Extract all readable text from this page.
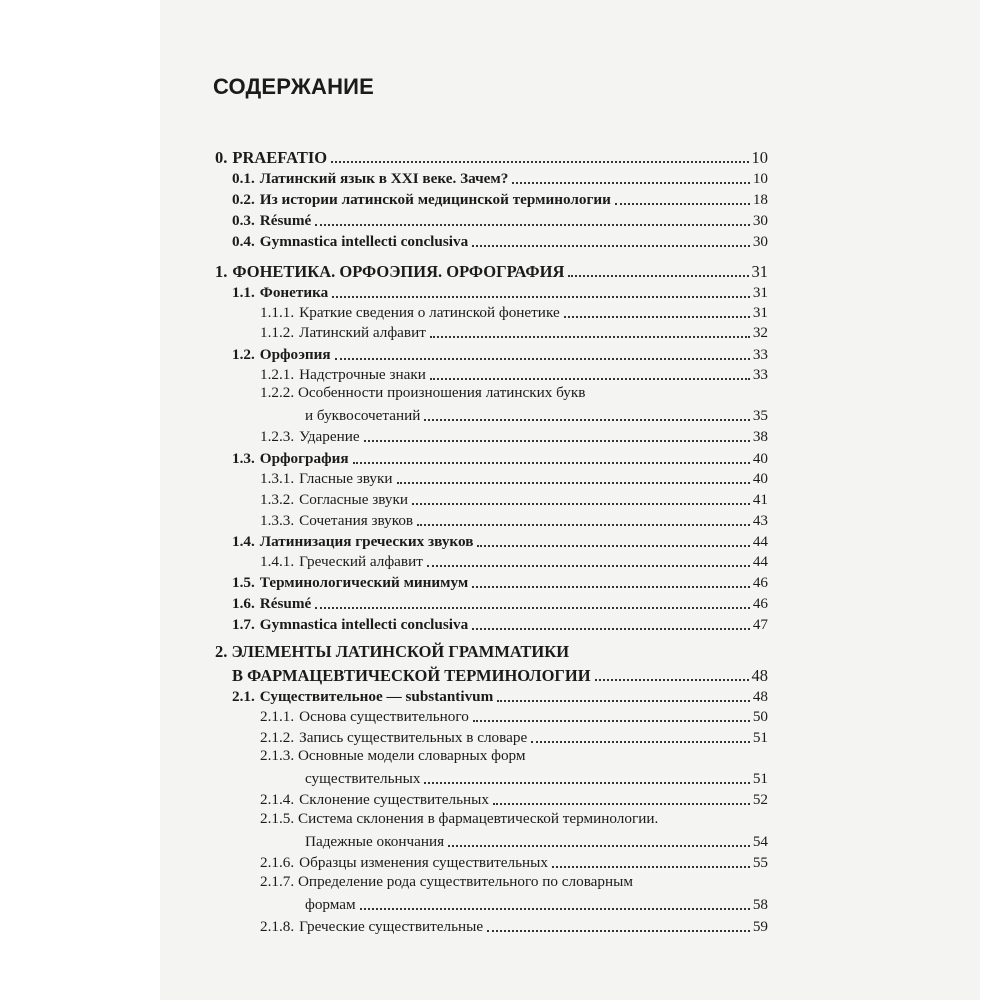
СОДЕРЖАНИЕ
0. PRAEFATIO	10
0.1. Латинский язык в XXI веке. Зачем?	10
0.2. Из истории латинской медицинской терминологии	18
0.3. Résumé	30
0.4. Gymnastica intellecti conclusiva	30
1. ФОНЕТИКА. ОРФОЭПИЯ. ОРФОГРАФИЯ	31
1.1. Фонетика	31
1.1.1. Краткие сведения о латинской фонетике	31
1.1.2. Латинский алфавит	32
1.2. Орфоэпия	33
1.2.1. Надстрочные знаки	33
1.2.2. Особенности произношения латинских букв
и буквосочетаний	35
1.2.3. Ударение	38
1.3. Орфография	40
1.3.1. Гласные звуки	40
1.3.2. Согласные звуки	41
1.3.3. Сочетания звуков	43
1.4. Латинизация греческих звуков	44
1.4.1. Греческий алфавит	44
1.5. Терминологический минимум	46
1.6. Résumé	46
1.7. Gymnastica intellecti conclusiva	47
2. ЭЛЕМЕНТЫ ЛАТИНСКОЙ ГРАММАТИКИ
В ФАРМАЦЕВТИЧЕСКОЙ ТЕРМИНОЛОГИИ	48
2.1. Существительное — substantivum	48
2.1.1. Основа существительного	50
2.1.2. Запись существительных в словаре	51
2.1.3. Основные модели словарных форм
существительных	51
2.1.4. Склонение существительных	52
2.1.5. Система склонения в фармацевтической терминологии.
Падежные окончания	54
2.1.6. Образцы изменения существительных	55
2.1.7. Определение рода существительного по словарным
формам	58
2.1.8. Греческие существительные	59
